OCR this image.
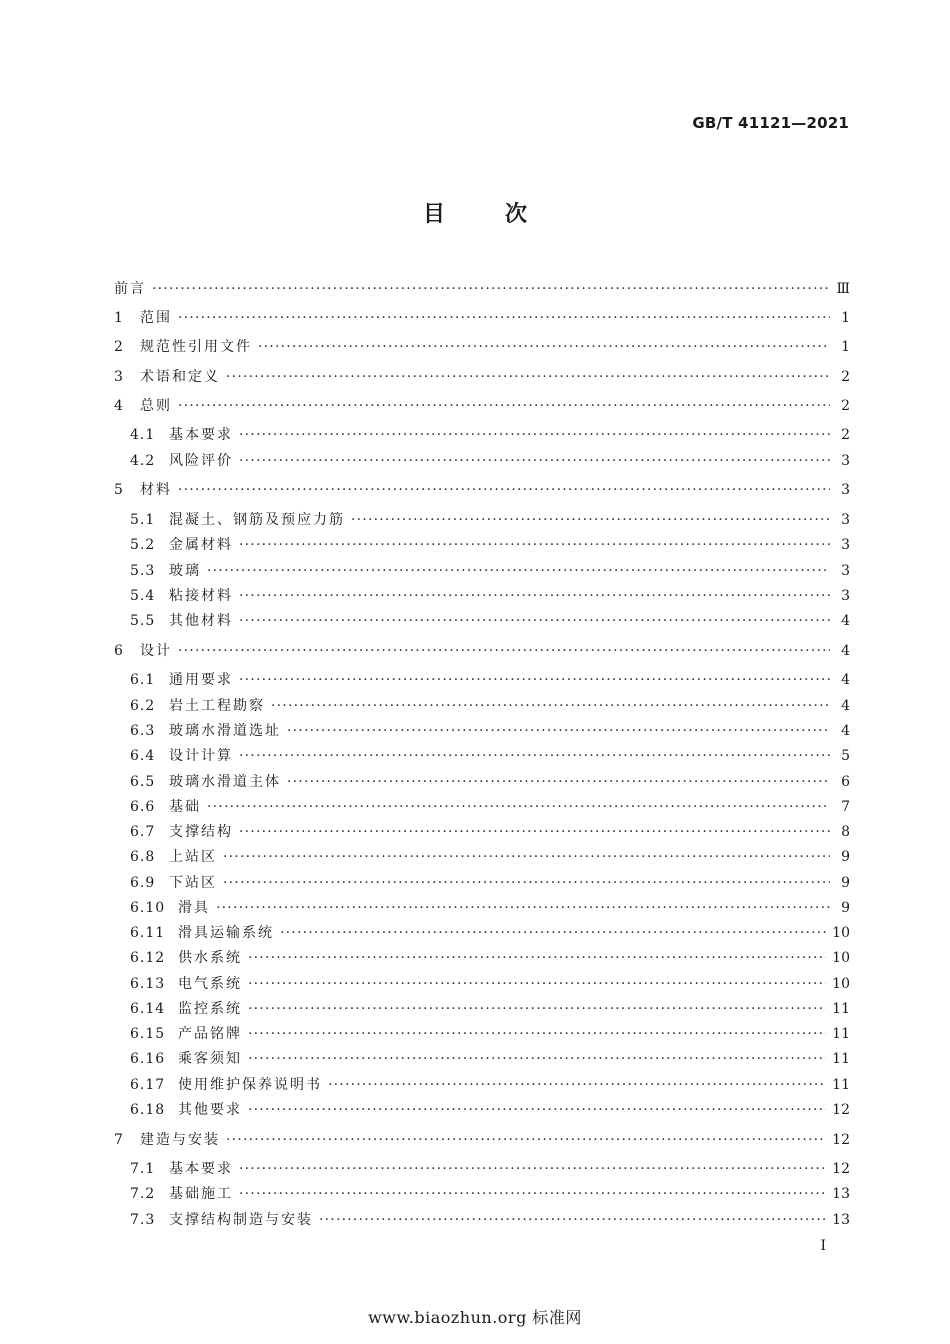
GB/T 41121—2021
目次
前言 ·····	Ⅲ
1	范围 ·····	1
2	规范性引用文件 ·····	1
3	术语和定义 ·····	2
4	总则 ·····	2
4.1 基本要求 ·····	2
4.2 风险评价 ·····	3
5	材料 ·····	3
5.1 混凝土、钢筋及预应力筋 ·····	3
5.2 金属材料 ·····	3
5.3 玻璃 ·····	3
5.4 粘接材料 ·····	3
5.5 其他材料 ·····	4
6	设计 ·····	4
6.1 通用要求 ·····	4
6.2 岩土工程勘察 ·····	4
6.3 玻璃水滑道选址 ·····	4
6.4 设计计算 ·····	5
6.5 玻璃水滑道主体 ·····	6
6.6 基础 ·····	7
6.7 支撑结构 ·····	8
6.8 上站区 ·····	9
6.9 下站区 ·····	9
6.10 滑具 ·····	9
6.11 滑具运输系统 ·····	10
6.12 供水系统 ·····	10
6.13 电气系统 ·····	10
6.14 监控系统 ·····	11
6.15 产品铭牌 ·····	11
6.16 乘客须知 ·····	11
6.17 使用维护保养说明书 ·····	11
6.18 其他要求 ·····	12
7	建造与安装 ·····	12
7.1 基本要求 ·····	12
7.2 基础施工 ·····	13
7.3 支撑结构制造与安装 ·····	13
I
www.biaozhun.org 标准网
